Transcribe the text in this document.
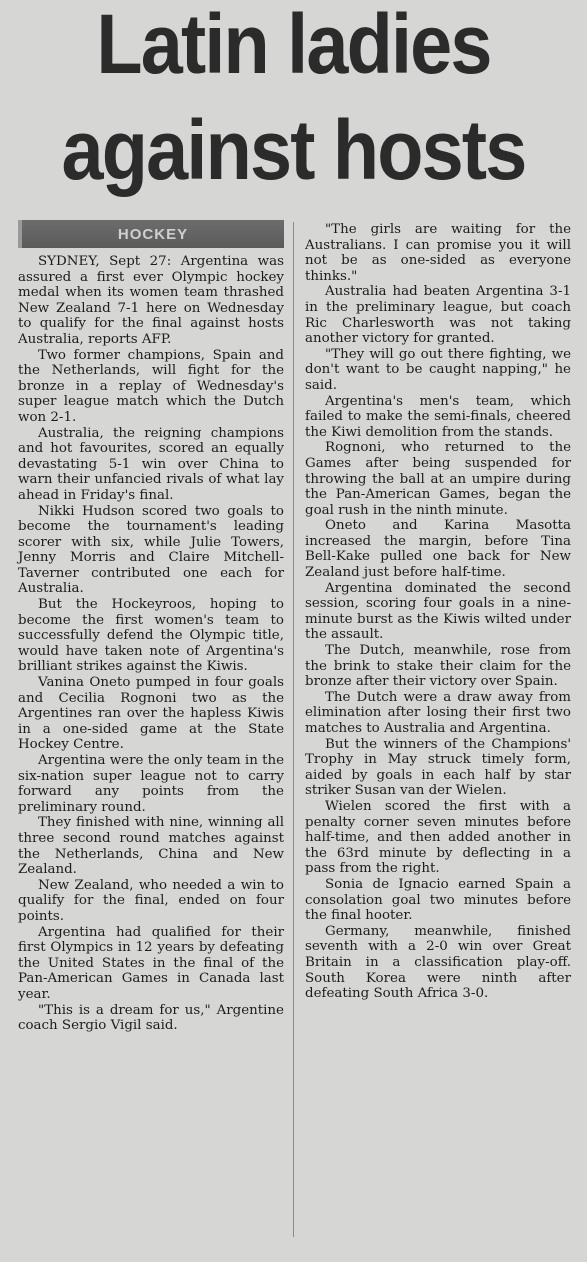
Latin ladies
against hosts
HOCKEY

SYDNEY, Sept 27: Argentina was assured a first ever Olympic hockey medal when its women team thrashed New Zealand 7-1 here on Wednesday to qualify for the final against hosts Australia, reports AFP.

Two former champions, Spain and the Netherlands, will fight for the bronze in a replay of Wednesday's super league match which the Dutch won 2-1.

Australia, the reigning champions and hot favourites, scored an equally devastating 5-1 win over China to warn their unfancied rivals of what lay ahead in Friday's final.

Nikki Hudson scored two goals to become the tournament's leading scorer with six, while Julie Towers, Jenny Morris and Claire Mitchell-Taverner contributed one each for Australia.

But the Hockeyroos, hoping to become the first women's team to successfully defend the Olympic title, would have taken note of Argentina's brilliant strikes against the Kiwis.

Vanina Oneto pumped in four goals and Cecilia Rognoni two as the Argentines ran over the hapless Kiwis in a one-sided game at the State Hockey Centre.

Argentina were the only team in the six-nation super league not to carry forward any points from the preliminary round.

They finished with nine, winning all three second round matches against the Netherlands, China and New Zealand.

New Zealand, who needed a win to qualify for the final, ended on four points.

Argentina had qualified for their first Olympics in 12 years by defeating the United States in the final of the Pan-American Games in Canada last year.

"This is a dream for us," Argentine coach Sergio Vigil said.

"The girls are waiting for the Australians. I can promise you it will not be as one-sided as everyone thinks."

Australia had beaten Argentina 3-1 in the preliminary league, but coach Ric Charlesworth was not taking another victory for granted.

"They will go out there fighting, we don't want to be caught napping," he said.

Argentina's men's team, which failed to make the semi-finals, cheered the Kiwi demolition from the stands.

Rognoni, who returned to the Games after being suspended for throwing the ball at an umpire during the Pan-American Games, began the goal rush in the ninth minute.

Oneto and Karina Masotta increased the margin, before Tina Bell-Kake pulled one back for New Zealand just before half-time.

Argentina dominated the second session, scoring four goals in a nine-minute burst as the Kiwis wilted under the assault.

The Dutch, meanwhile, rose from the brink to stake their claim for the bronze after their victory over Spain.

The Dutch were a draw away from elimination after losing their first two matches to Australia and Argentina.

But the winners of the Champions' Trophy in May struck timely form, aided by goals in each half by star striker Susan van der Wielen.

Wielen scored the first with a penalty corner seven minutes before half-time, and then added another in the 63rd minute by deflecting in a pass from the right.

Sonia de Ignacio earned Spain a consolation goal two minutes before the final hooter.

Germany, meanwhile, finished seventh with a 2-0 win over Great Britain in a classification play-off. South Korea were ninth after defeating South Africa 3-0.
